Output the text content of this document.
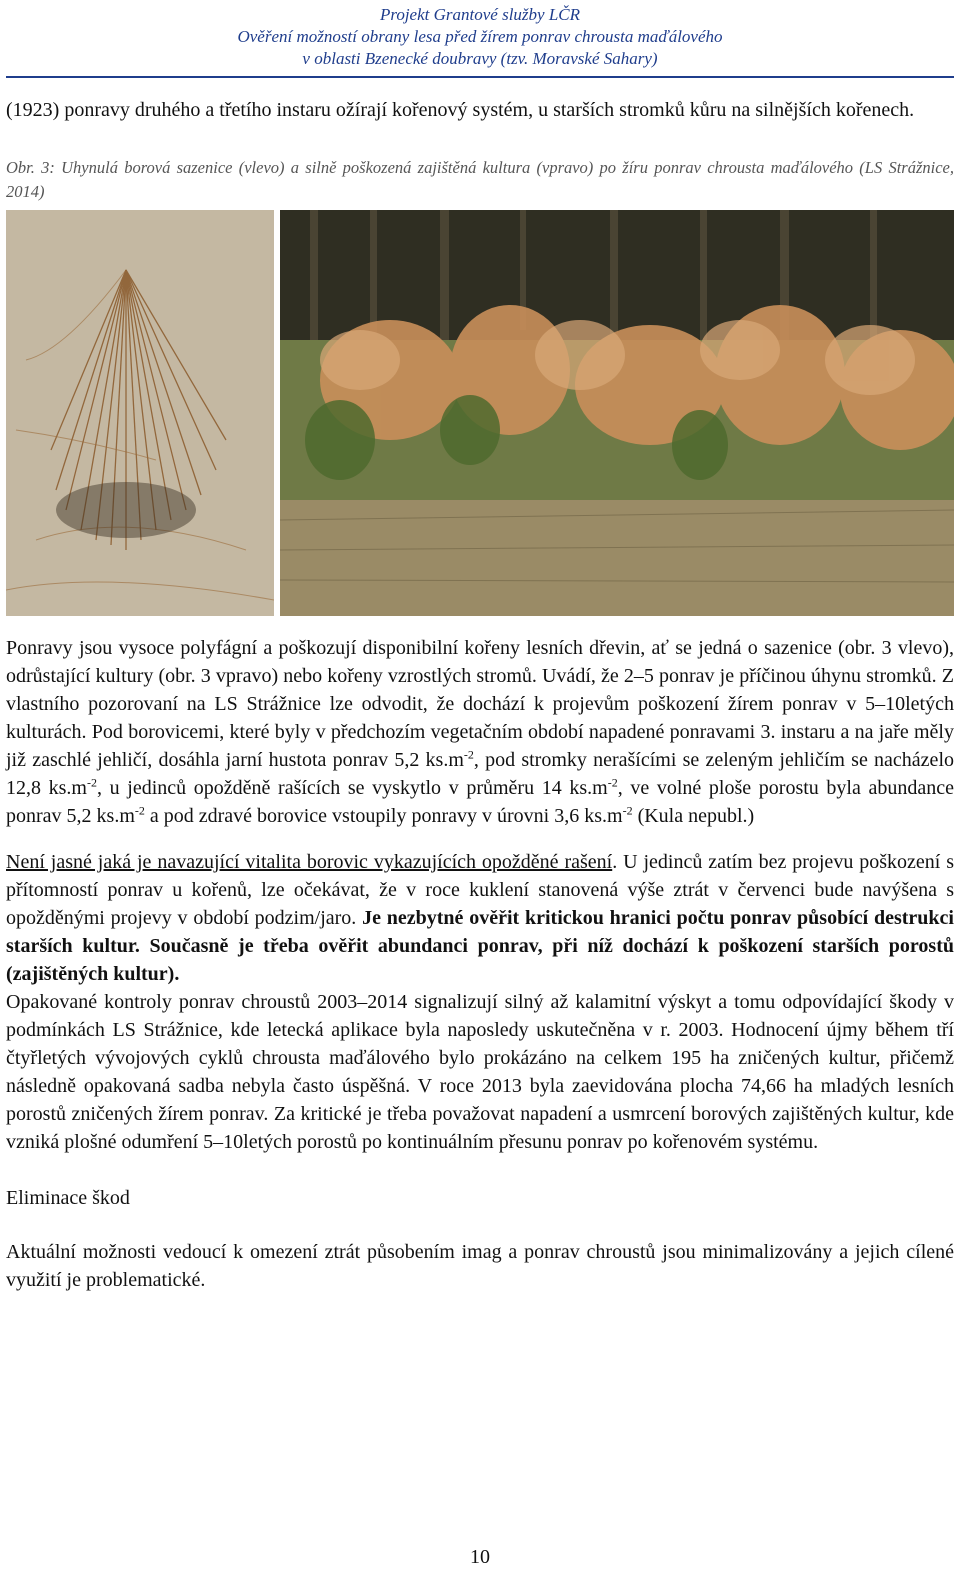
Projekt Grantové služby LČR
Ověření možností obrany lesa před žírem ponrav chrousta maďálového
v oblasti Bzenecké doubravy (tzv. Moravské Sahary)

(1923) ponravy druhého a třetího instaru ožírají kořenový systém, u starších stromků kůru na silnějších kořenech.

Obr. 3: Uhynulá borová sazenice (vlevo) a silně poškozená zajištěná kultura (vpravo) po žíru ponrav chrousta maďálového (LS Strážnice, 2014)

Ponravy jsou vysoce polyfágní a poškozují disponibilní kořeny lesních dřevin, ať se jedná o sazenice (obr. 3 vlevo), odrůstající kultury (obr. 3 vpravo) nebo kořeny vzrostlých stromů. Uvádí, že 2–5 ponrav je příčinou úhynu stromků. Z vlastního pozorovaní na LS Strážnice lze odvodit, že dochází k projevům poškození žírem ponrav v 5–10letých kulturách. Pod borovicemi, které byly v předchozím vegetačním období napadené ponravami 3. instaru a na jaře měly již zaschlé jehličí, dosáhla jarní hustota ponrav 5,2 $ks.m^{-2}$, pod stromky nerašícími se zeleným jehličím se nacházelo 12,8 $ks.m^{-2}$, u jedinců opožděně rašících se vyskytlo v průměru 14 $ks.m^{-2}$, ve volné ploše porostu byla abundance ponrav 5,2 $ks.m^{-2}$ a pod zdravé borovice vstoupily ponravy v úrovni 3,6 $ks.m^{-2}$ (Kula nepubl.)

Není jasné jaká je navazující vitalita borovic vykazujících opožděné rašení. U jedinců zatím bez projevu poškození s přítomností ponrav u kořenů, lze očekávat, že v roce kuklení stanovená výše ztrát v červenci bude navýšena s opožděnými projevy v období podzim/jaro. Je nezbytné ověřit kritickou hranici počtu ponrav působící destrukci starších kultur. Současně je třeba ověřit abundanci ponrav, při níž dochází k poškození starších porostů (zajištěných kultur).

Opakované kontroly ponrav chroustů 2003–2014 signalizují silný až kalamitní výskyt a tomu odpovídající škody v podmínkách LS Strážnice, kde letecká aplikace byla naposledy uskutečněna v r. 2003. Hodnocení újmy během tří čtyřletých vývojových cyklů chrousta maďálového bylo prokázáno na celkem 195 ha zničených kultur, přičemž následně opakovaná sadba nebyla často úspěšná. V roce 2013 byla zaevidována plocha 74,66 ha mladých lesních porostů zničených žírem ponrav. Za kritické je třeba považovat napadení a usmrcení borových zajištěných kultur, kde vzniká plošné odumření 5–10letých porostů po kontinuálním přesunu ponrav po kořenovém systému.

Eliminace škod

Aktuální možnosti vedoucí k omezení ztrát působením imag a ponrav chroustů jsou minimalizovány a jejich cílené využití je problematické.

10
